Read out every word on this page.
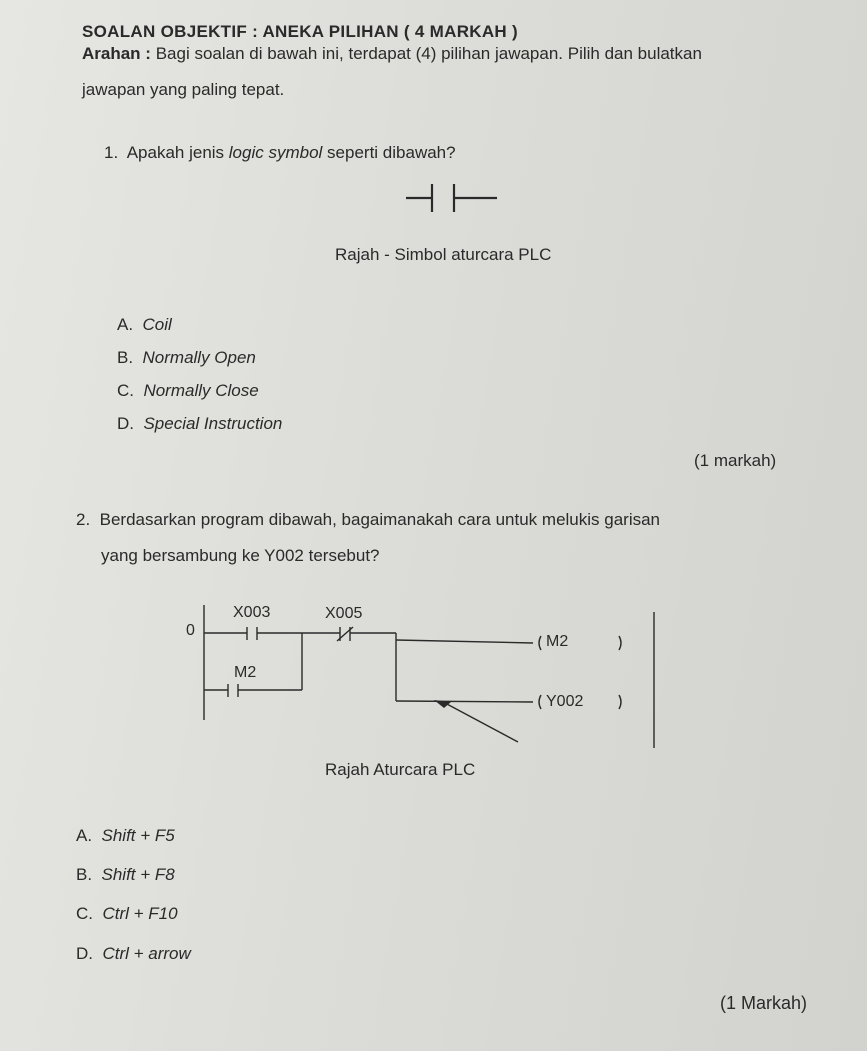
SOALAN OBJEKTIF : ANEKA PILIHAN ( 4 MARKAH )
Arahan : Bagi soalan di bawah ini, terdapat (4) pilihan jawapan. Pilih dan bulatkan
jawapan yang paling tepat.
1. Apakah jenis logic symbol seperti dibawah?
Rajah - Simbol aturcara PLC
A. Coil
B. Normally Open
C. Normally Close
D. Special Instruction
(1 markah)
2. Berdasarkan program dibawah, bagaimanakah cara untuk melukis garisan
yang bersambung ke Y002 tersebut?
0
X003	X005
M2
M2
Y002
Rajah Aturcara PLC
A. Shift + F5
B. Shift + F8
C. Ctrl + F10
D. Ctrl + arrow
(1 Markah)
